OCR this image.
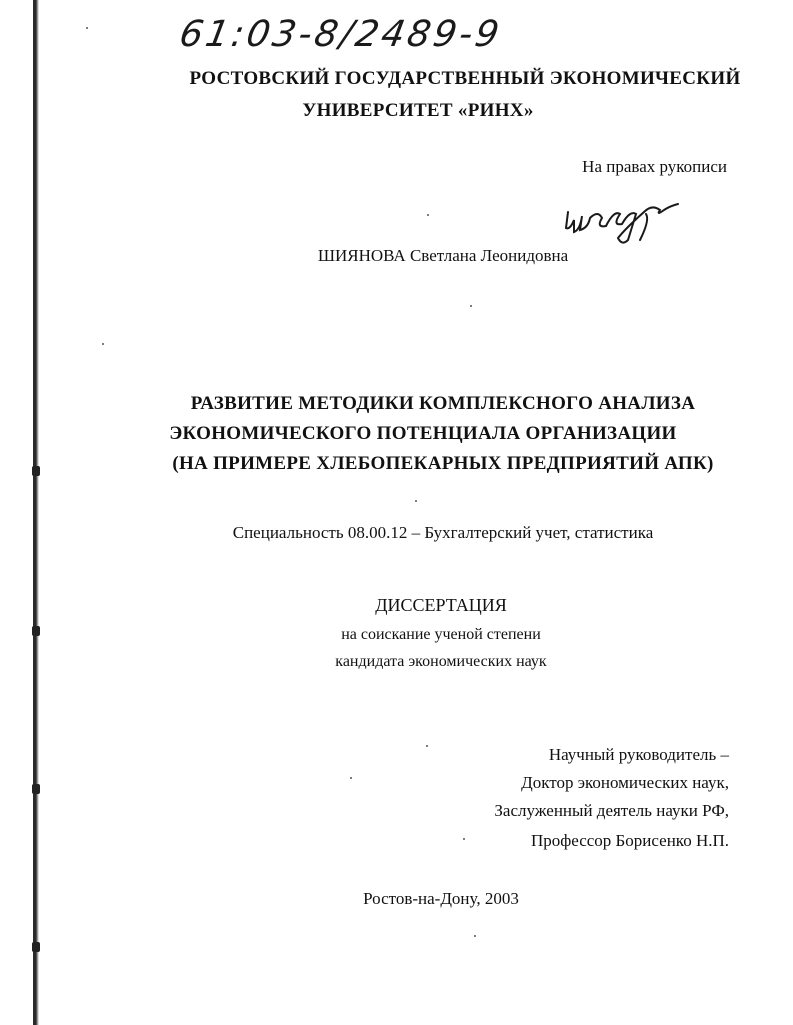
61:03-8/2489-9
РОСТОВСКИЙ ГОСУДАРСТВЕННЫЙ ЭКОНОМИЧЕСКИЙ
УНИВЕРСИТЕТ «РИНХ»
На правах рукописи
ШИЯНОВА Светлана Леонидовна
РАЗВИТИЕ МЕТОДИКИ КОМПЛЕКСНОГО АНАЛИЗА
ЭКОНОМИЧЕСКОГО ПОТЕНЦИАЛА ОРГАНИЗАЦИИ
(НА ПРИМЕРЕ ХЛЕБОПЕКАРНЫХ ПРЕДПРИЯТИЙ АПК)
Специальность 08.00.12 – Бухгалтерский учет, статистика
ДИССЕРТАЦИЯ
на соискание ученой степени
кандидата экономических наук
Научный руководитель –
Доктор экономических наук,
Заслуженный деятель науки РФ,
Профессор Борисенко Н.П.
Ростов-на-Дону, 2003
